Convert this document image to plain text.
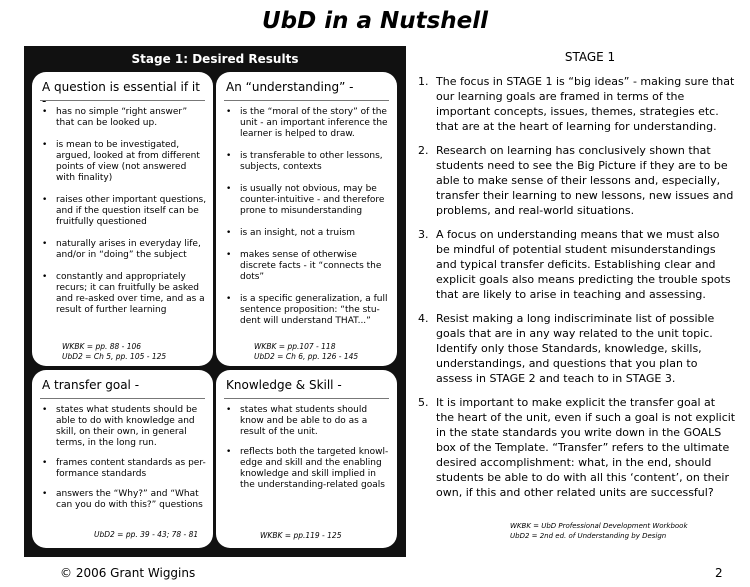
UbD in a Nutshell
Stage 1: Desired Results
A question is essential if it -
• has no simple “right answer” that can be looked up.
• is mean to be investigated, argued, looked at from different points of view (not answered with finality)
• raises other important questions, and if the question itself can be fruitfully questioned
• naturally arises in everyday life, and/or in “doing” the subject
• constantly and appropriately recurs; it can fruitfully be asked and re-asked over time, and as a result of further learning
WKBK = pp. 88 - 106
UbD2 = Ch 5, pp. 105 - 125
An “understanding” -
• is the “moral of the story” of the unit - an important inference the learner is helped to draw.
• is transferable to other lessons, subjects, contexts
• is usually not obvious, may be counter-intuitive - and therefore prone to misunderstanding
• is an insight, not a truism
• makes sense of otherwise discrete facts - it “connects the dots”
• is a specific generalization, a full sentence proposition: “the stu- dent will understand THAT...”
WKBK = pp.107 - 118
UbD2 = Ch 6, pp. 126 - 145
A transfer goal -
• states what students should be able to do with knowledge and skill, on their own, in general terms, in the long run.
• frames content standards as per- formance standards
• answers the “Why?” and “What can you do with this?” questions
UbD2 = pp. 39 - 43; 78 - 81
Knowledge & Skill -
• states what students should know and be able to do as a result of the unit.
• reflects both the targeted knowl- edge and skill and the enabling knowledge and skill implied in the understanding-related goals
WKBK = pp.119 - 125
STAGE 1
1. The focus in STAGE 1 is “big ideas” - making sure that our learning goals are framed in terms of the important concepts, issues, themes, strategies etc. that are at the heart of learning for understanding.
2. Research on learning has conclusively shown that students need to see the Big Picture if they are to be able to make sense of their lessons and, especially, transfer their learning to new lessons, new issues and problems, and real-world situations.
3. A focus on understanding means that we must also be mindful of potential student misunderstandings and typical transfer deficits. Establishing clear and explicit goals also means predicting the trouble spots that are likely to arise in teaching and assessing.
4. Resist making a long indiscriminate list of possible goals that are in any way related to the unit topic. Identify only those Standards, knowledge, skills, understandings, and questions that you plan to assess in STAGE 2 and teach to in STAGE 3.
5. It is important to make explicit the transfer goal at the heart of the unit, even if such a goal is not explicit in the state standards you write down in the GOALS box of the Template. “Transfer” refers to the ultimate desired accomplishment: what, in the end, should students be able to do with all this ‘content’, on their own, if this and other related units are successful?
WKBK = UbD Professional Development Workbook
UbD2 = 2nd ed. of Understanding by Design
© 2006 Grant Wiggins	2
